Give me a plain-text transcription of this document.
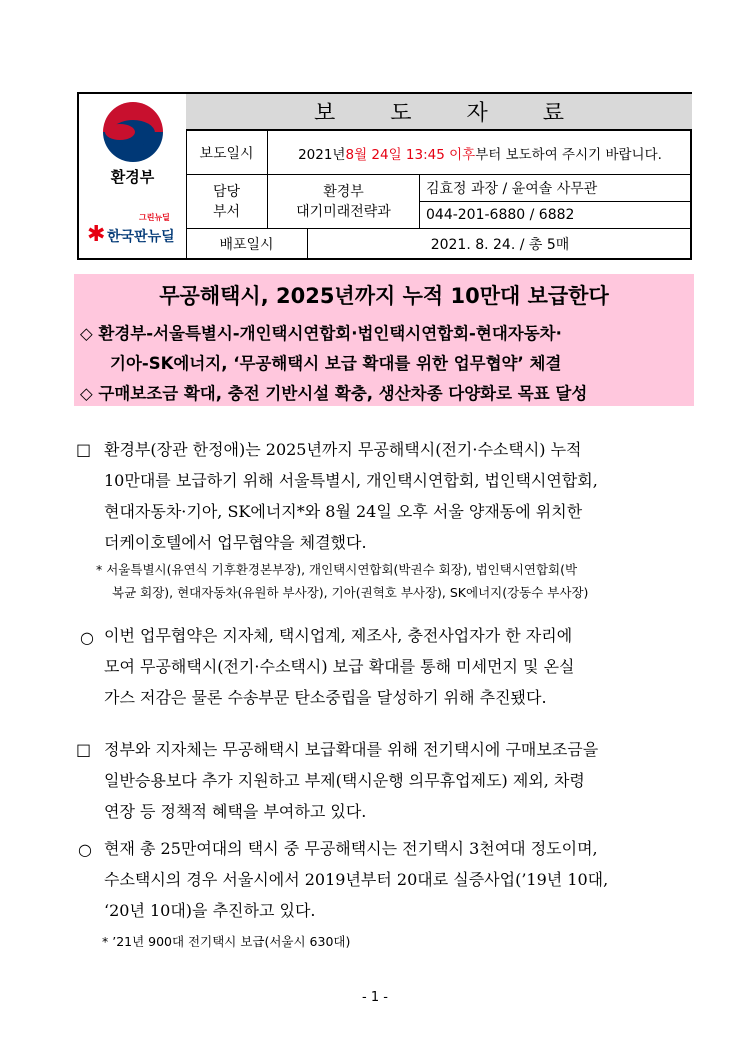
환경부
✱
그린뉴딜
한국판뉴딜
보 도 자 료
보도일시	2021년 8월 24일 13:45 이후 부터 보도하여 주시기 바랍니다.
담당
부서
환경부
대기미래전략과
김효정 과장 / 윤여솔 사무관
044-201-6880 / 6882
배포일시	2021. 8. 24. / 총 5매
무공해택시, 2025년까지 누적 10만대 보급한다
◇ 환경부-서울특별시-개인택시연합회·법인택시연합회-현대자동차·
기아-SK에너지, ‘무공해택시 보급 확대를 위한 업무협약’ 체결
◇ 구매보조금 확대, 충전 기반시설 확충, 생산차종 다양화로 목표 달성
□ 환경부(장관 한정애)는 2025년까지 무공해택시(전기·수소택시) 누적
10만대를 보급하기 위해 서울특별시, 개인택시연합회, 법인택시연합회,
현대자동차·기아, SK에너지*와 8월 24일 오후 서울 양재동에 위치한
더케이호텔에서 업무협약을 체결했다.
* 서울특별시(유연식 기후환경본부장), 개인택시연합회(박권수 회장), 법인택시연합회(박
복균 회장), 현대자동차(유원하 부사장), 기아(권혁호 부사장), SK에너지(강동수 부사장)
○ 이번 업무협약은 지자체, 택시업계, 제조사, 충전사업자가 한 자리에
모여 무공해택시(전기·수소택시) 보급 확대를 통해 미세먼지 및 온실
가스 저감은 물론 수송부문 탄소중립을 달성하기 위해 추진됐다.
□ 정부와 지자체는 무공해택시 보급확대를 위해 전기택시에 구매보조금을
일반승용보다 추가 지원하고 부제(택시운행 의무휴업제도) 제외, 차령
연장 등 정책적 혜택을 부여하고 있다.
○ 현재 총 25만여대의 택시 중 무공해택시는 전기택시 3천여대 정도이며,
수소택시의 경우 서울시에서 2019년부터 20대로 실증사업(’19년 10대,
‘20년 10대)을 추진하고 있다.
* ’21년 900대 전기택시 보급(서울시 630대)
- 1 -
